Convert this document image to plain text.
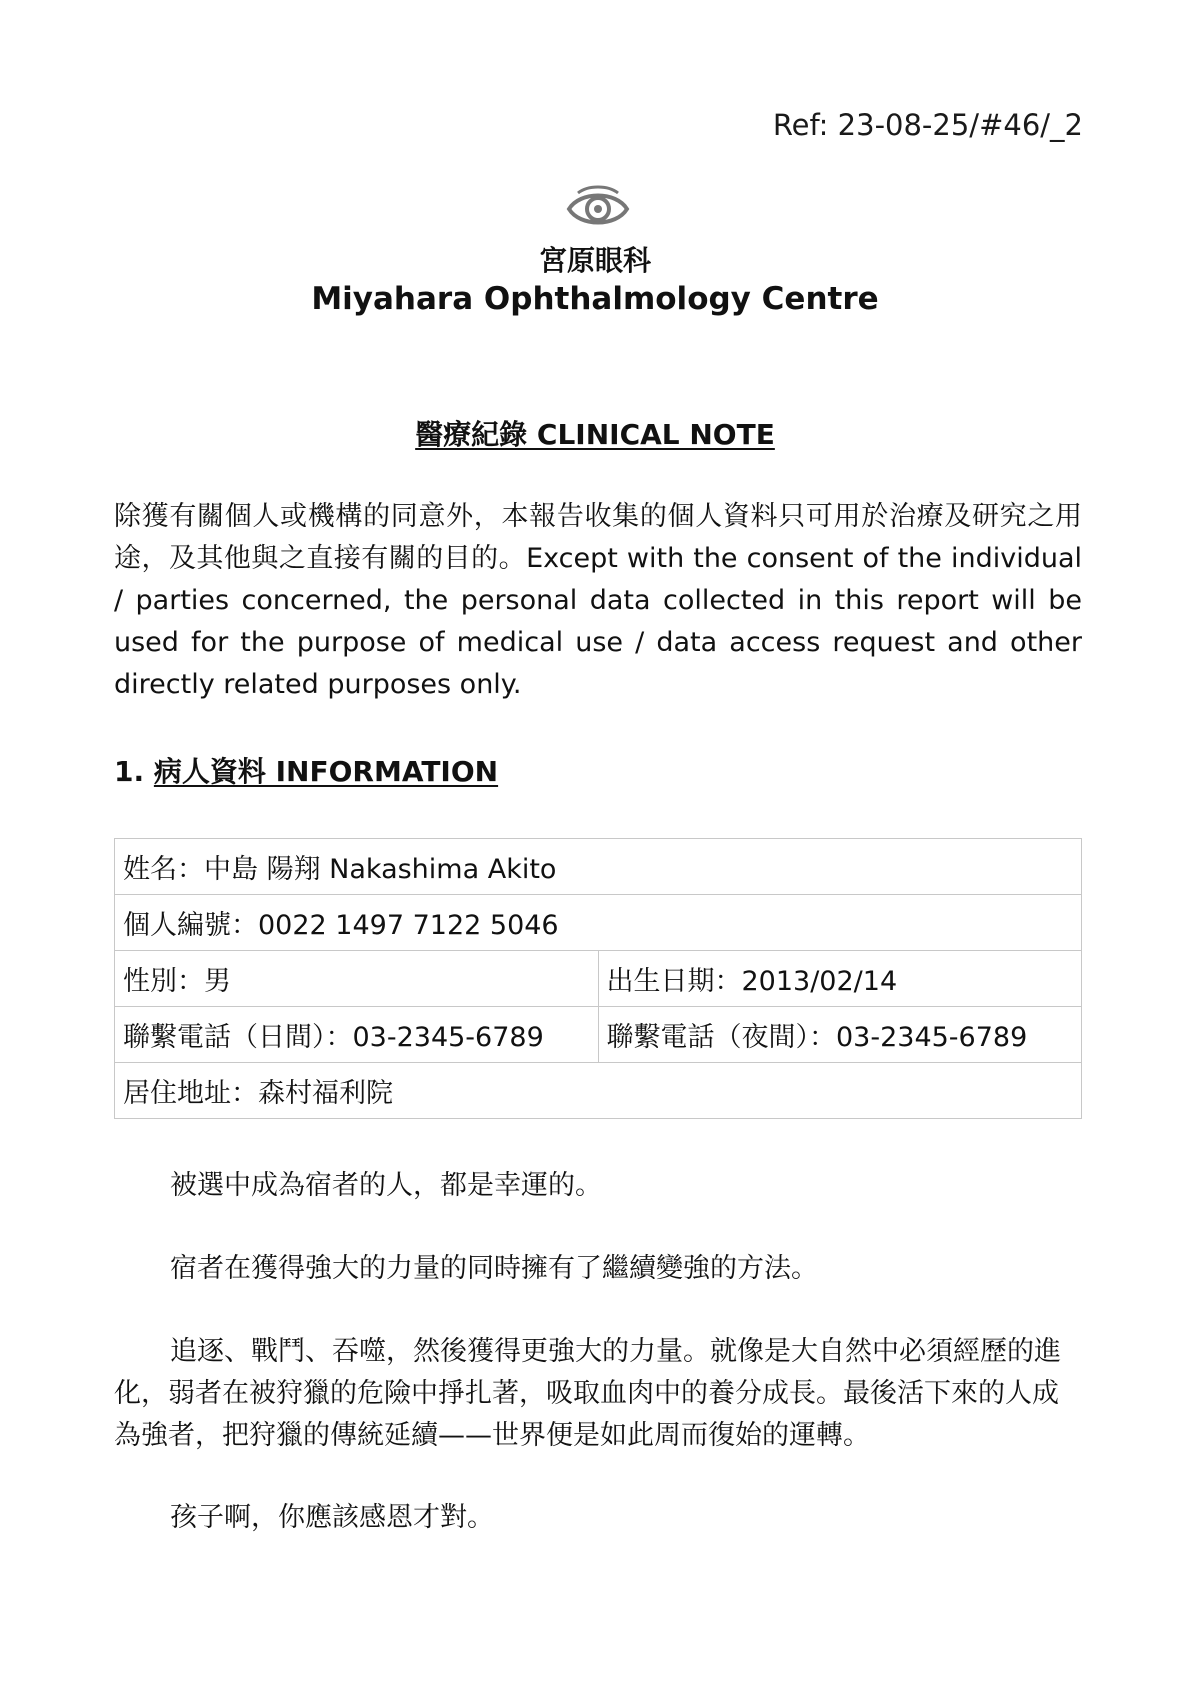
Ref: 23-08-25/#46/_2
宮原眼科
Miyahara Ophthalmology Centre
醫療紀錄 CLINICAL NOTE
除獲有關個人或機構的同意外，本報告收集的個人資料只可用於治療及研究之用途，及其他與之直接有關的目的。Except with the consent of the individual / parties concerned, the personal data collected in this report will be used for the purpose of medical use / data access request and other directly related purposes only.
1. 病人資料 INFORMATION
姓名：中島 陽翔 Nakashima Akito	
個人編號：0022 1497 7122 5046	
性別：男	出生日期：2013/02/14
聯繫電話（日間）：03-2345-6789	聯繫電話（夜間）：03-2345-6789
居住地址：森村福利院	

被選中成為宿者的人，都是幸運的。

宿者在獲得強大的力量的同時擁有了繼續變強的方法。

追逐、戰鬥、吞噬，然後獲得更強大的力量。就像是大自然中必須經歷的進化，弱者在被狩獵的危險中掙扎著，吸取血肉中的養分成長。最後活下來的人成為強者，把狩獵的傳統延續——世界便是如此周而復始的運轉。

孩子啊，你應該感恩才對。
